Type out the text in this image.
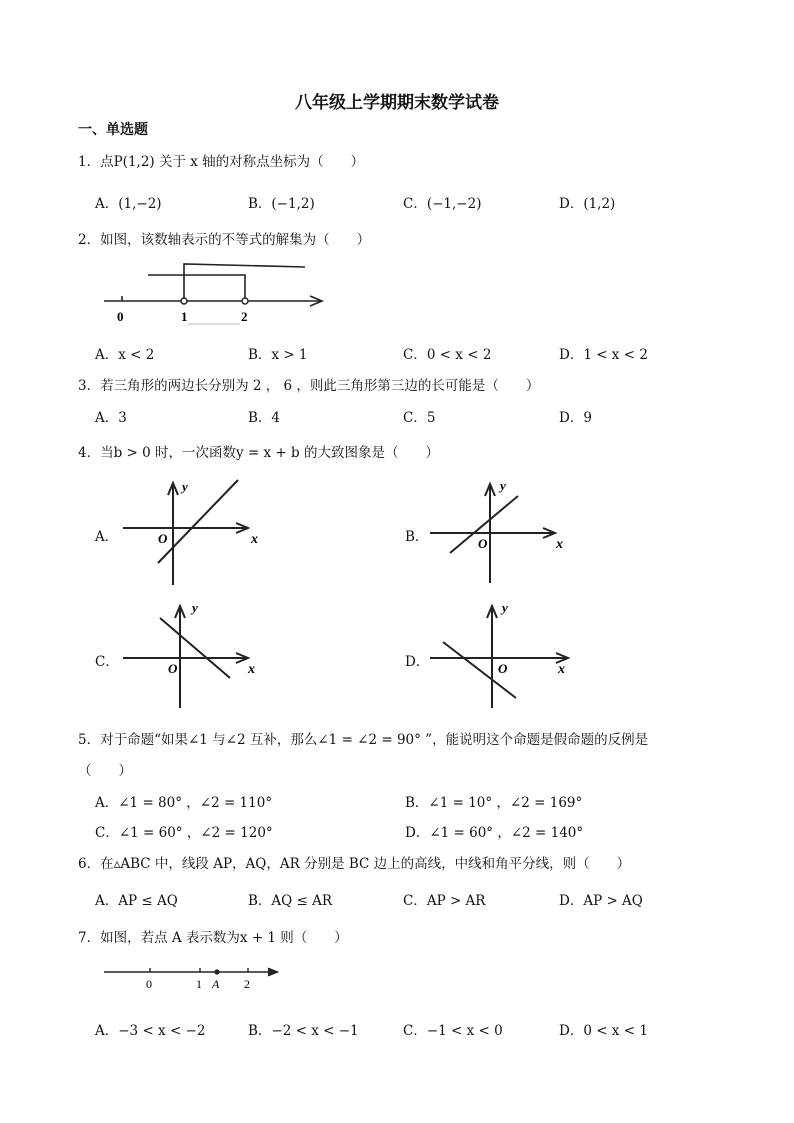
八年级上学期期末数学试卷
一、单选题
1．点P(1,2) 关于 x 轴的对称点坐标为（　　）
A．(1,−2)	B．(−1,2)	C．(−1,−2)	D．(1,2)
2．如图，该数轴表示的不等式的解集为（　　）
0	1	2
A．x < 2	B．x > 1	C．0 < x < 2	D．1 < x < 2
3．若三角形的两边长分别为 2 ， 6 ，则此三角形第三边的长可能是（　　）
A．3	B．4	C．5	D．9
4．当b > 0 时，一次函数y = x + b 的大致图象是（　　）
A．
y
x
O	B．
y
x
O
C．
y
x
O	D．
y
x
O
5．对于命题“如果∠1 与∠2 互补，那么∠1 = ∠2 = 90° ”，能说明这个命题是假命题的反例是
（　　）
A．∠1 = 80° ，∠2 = 110°	B．∠1 = 10° ，∠2 = 169°
C．∠1 = 60° ，∠2 = 120°	D．∠1 = 60° ，∠2 = 140°
6．在▵ABC 中，线段 AP，AQ，AR 分别是 BC 边上的高线，中线和角平分线，则（　　）
A．AP ≤ AQ	B．AQ ≤ AR	C．AP > AR	D．AP > AQ
7．如图，若点 A 表示数为x + 1 则（　　）
0	1 A 2
A．−3 < x < −2	B．−2 < x < −1	C．−1 < x < 0	D．0 < x < 1
